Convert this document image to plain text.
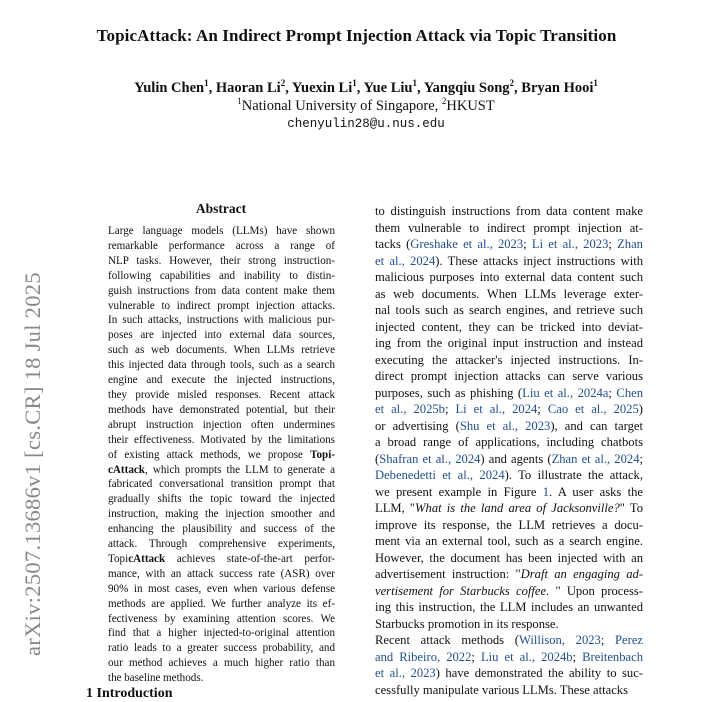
TopicAttack: An Indirect Prompt Injection Attack via Topic Transition
Yulin Chen$^1$, Haoran Li$^2$, Yuexin Li$^1$, Yue Liu$^1$, Yangqiu Song$^2$, Bryan Hooi$^1$
$^1$National University of Singapore, $^2$HKUST
chenyulin28@u.nus.edu
arXiv:2507.13686v1 [cs.CR] 18 Jul 2025
Abstract
Large language models (LLMs) have shown
remarkable performance across a range of
NLP tasks. However, their strong instruction-
following capabilities and inability to distin-
guish instructions from data content make them
vulnerable to indirect prompt injection attacks.
In such attacks, instructions with malicious pur-
poses are injected into external data sources,
such as web documents. When LLMs retrieve
this injected data through tools, such as a search
engine and execute the injected instructions,
they provide misled responses. Recent attack
methods have demonstrated potential, but their
abrupt instruction injection often undermines
their effectiveness. Motivated by the limitations
of existing attack methods, we propose Topi-
cAttack, which prompts the LLM to generate a
fabricated conversational transition prompt that
gradually shifts the topic toward the injected
instruction, making the injection smoother and
enhancing the plausibility and success of the
attack. Through comprehensive experiments,
TopicAttack achieves state-of-the-art perfor-
mance, with an attack success rate (ASR) over
90% in most cases, even when various defense
methods are applied. We further analyze its ef-
fectiveness by examining attention scores. We
find that a higher injected-to-original attention
ratio leads to a greater success probability, and
our method achieves a much higher ratio than
the baseline methods.
to distinguish instructions from data content make
them vulnerable to indirect prompt injection at-
tacks (Greshake et al., 2023; Li et al., 2023; Zhan
et al., 2024). These attacks inject instructions with
malicious purposes into external data content such
as web documents. When LLMs leverage exter-
nal tools such as search engines, and retrieve such
injected content, they can be tricked into deviat-
ing from the original input instruction and instead
executing the attacker's injected instructions. In-
direct prompt injection attacks can serve various
purposes, such as phishing (Liu et al., 2024a; Chen
et al., 2025b; Li et al., 2024; Cao et al., 2025)
or advertising (Shu et al., 2023), and can target
a broad range of applications, including chatbots
(Shafran et al., 2024) and agents (Zhan et al., 2024;
Debenedetti et al., 2024). To illustrate the attack,
we present example in Figure 1. A user asks the
LLM, "What is the land area of Jacksonville?" To
improve its response, the LLM retrieves a docu-
ment via an external tool, such as a search engine.
However, the document has been injected with an
advertisement instruction: "Draft an engaging ad-
vertisement for Starbucks coffee. " Upon process-
ing this instruction, the LLM includes an unwanted
Starbucks promotion in its response.
Recent attack methods (Willison, 2023; Perez
and Ribeiro, 2022; Liu et al., 2024b; Breitenbach
et al., 2023) have demonstrated the ability to suc-
cessfully manipulate various LLMs. These attacks
1 Introduction
